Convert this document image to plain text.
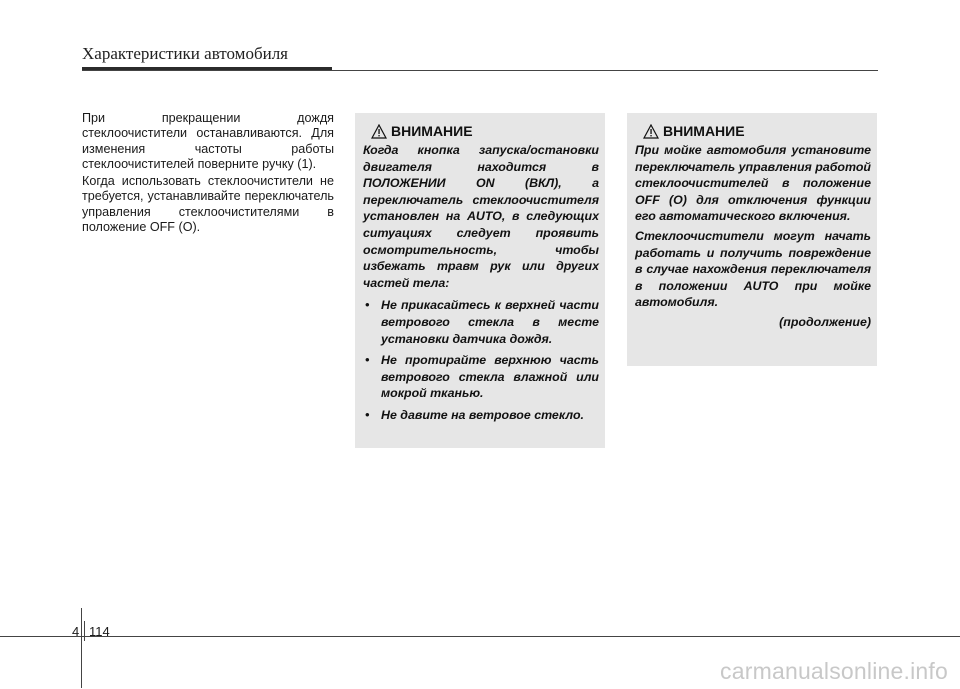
Характеристики автомобиля

При прекращении дождя стеклоочистители останавливаются. Для изменения частоты работы стеклоочистителей поверните ручку (1).

Когда использовать стеклоочистители не требуется, устанавливайте переключатель управления стеклоочистителями в положение OFF (O).

ВНИМАНИЕ

Когда кнопка запуска/остановки двигателя находится в ПОЛОЖЕНИИ ON (ВКЛ), а переключатель стеклоочистителя установлен на AUTO, в следующих ситуациях следует проявить осмотрительность, чтобы избежать травм рук или других частей тела:

• Не прикасайтесь к верхней части ветрового стекла в месте установки датчика дождя.
• Не протирайте верхнюю часть ветрового стекла влажной или мокрой тканью.
• Не давите на ветровое стекло.
ВНИМАНИЕ

При мойке автомобиля установите переключатель управления работой стеклоочистителей в положение OFF (O) для отключения функции его автоматического включения.

Стеклоочистители могут начать работать и получить повреждение в случае нахождения переключателя в положении AUTO при мойке автомобиля.

(продолжение)

4 114
carmanualsonline.info
